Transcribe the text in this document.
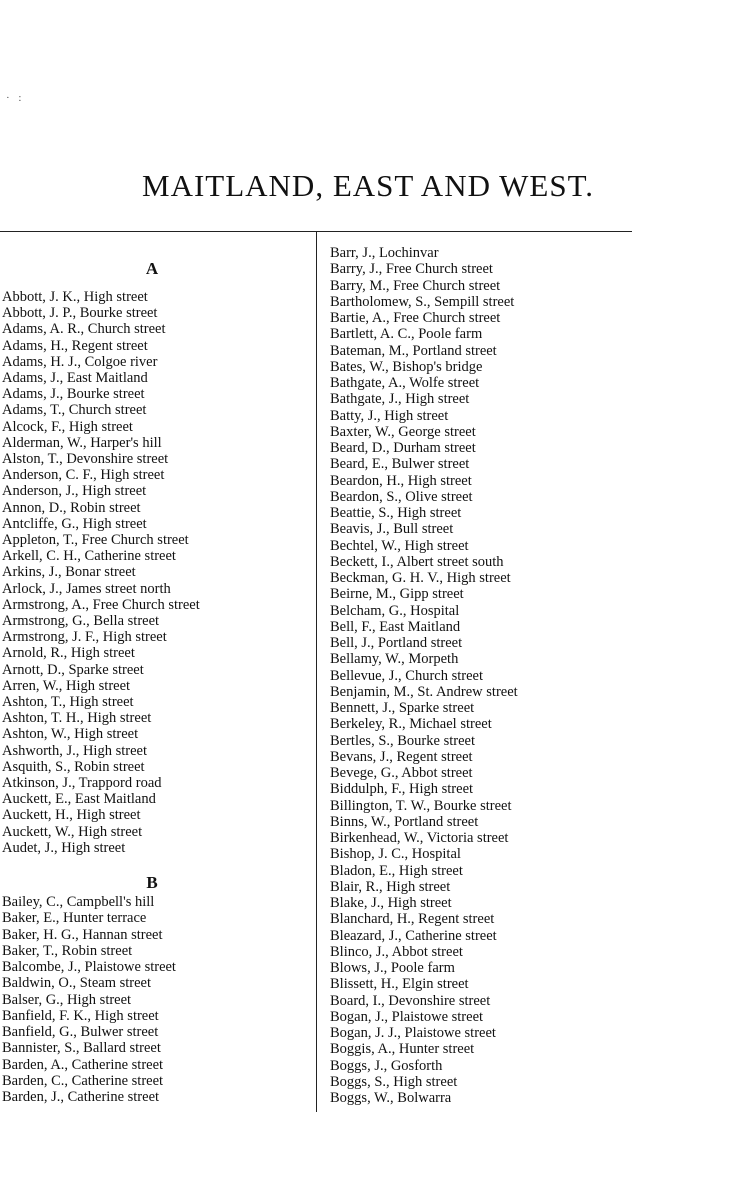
· :
MAITLAND, EAST AND WEST.
A
B
Abbott, J. K., High street
Abbott, J. P., Bourke street
Adams, A. R., Church street
Adams, H., Regent street
Adams, H. J., Colgoe river
Adams, J., East Maitland
Adams, J., Bourke street
Adams, T., Church street
Alcock, F., High street
Alderman, W., Harper's hill
Alston, T., Devonshire street
Anderson, C. F., High street
Anderson, J., High street
Annon, D., Robin street
Antcliffe, G., High street
Appleton, T., Free Church street
Arkell, C. H., Catherine street
Arkins, J., Bonar street
Arlock, J., James street north
Armstrong, A., Free Church street
Armstrong, G., Bella street
Armstrong, J. F., High street
Arnold, R., High street
Arnott, D., Sparke street
Arren, W., High street
Ashton, T., High street
Ashton, T. H., High street
Ashton, W., High street
Ashworth, J., High street
Asquith, S., Robin street
Atkinson, J., Trappord road
Auckett, E., East Maitland
Auckett, H., High street
Auckett, W., High street
Audet, J., High street
Bailey, C., Campbell's hill
Baker, E., Hunter terrace
Baker, H. G., Hannan street
Baker, T., Robin street
Balcombe, J., Plaistowe street
Baldwin, O., Steam street
Balser, G., High street
Banfield, F. K., High street
Banfield, G., Bulwer street
Bannister, S., Ballard street
Barden, A., Catherine street
Barden, C., Catherine street
Barden, J., Catherine street
Barr, J., Lochinvar
Barry, J., Free Church street
Barry, M., Free Church street
Bartholomew, S., Sempill street
Bartie, A., Free Church street
Bartlett, A. C., Poole farm
Bateman, M., Portland street
Bates, W., Bishop's bridge
Bathgate, A., Wolfe street
Bathgate, J., High street
Batty, J., High street
Baxter, W., George street
Beard, D., Durham street
Beard, E., Bulwer street
Beardon, H., High street
Beardon, S., Olive street
Beattie, S., High street
Beavis, J., Bull street
Bechtel, W., High street
Beckett, I., Albert street south
Beckman, G. H. V., High street
Beirne, M., Gipp street
Belcham, G., Hospital
Bell, F., East Maitland
Bell, J., Portland street
Bellamy, W., Morpeth
Bellevue, J., Church street
Benjamin, M., St. Andrew street
Bennett, J., Sparke street
Berkeley, R., Michael street
Bertles, S., Bourke street
Bevans, J., Regent street
Bevege, G., Abbot street
Biddulph, F., High street
Billington, T. W., Bourke street
Binns, W., Portland street
Birkenhead, W., Victoria street
Bishop, J. C., Hospital
Bladon, E., High street
Blair, R., High street
Blake, J., High street
Blanchard, H., Regent street
Bleazard, J., Catherine street
Blinco, J., Abbot street
Blows, J., Poole farm
Blissett, H., Elgin street
Board, I., Devonshire street
Bogan, J., Plaistowe street
Bogan, J. J., Plaistowe street
Boggis, A., Hunter street
Boggs, J., Gosforth
Boggs, S., High street
Boggs, W., Bolwarra
